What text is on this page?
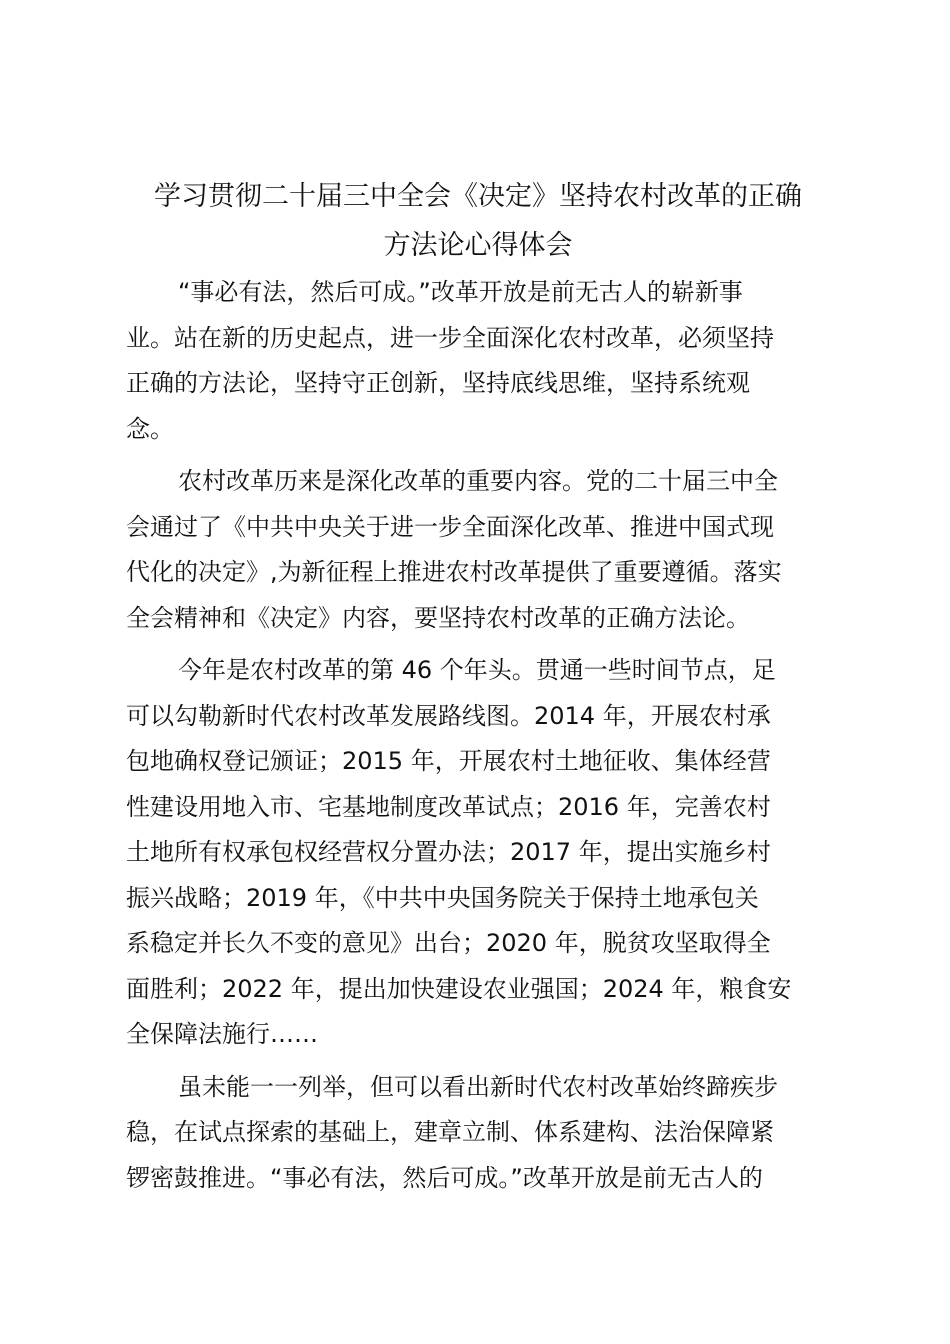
学习贯彻二十届三中全会《决定》坚持农村改革的正确
方法论心得体会

“事必有法，然后可成。”改革开放是前无古人的崭新事
业。站在新的历史起点，进一步全面深化农村改革，必须坚持
正确的方法论，坚持守正创新，坚持底线思维，坚持系统观
念。

农村改革历来是深化改革的重要内容。党的二十届三中全
会通过了《中共中央关于进一步全面深化改革、推进中国式现
代化的决定》,为新征程上推进农村改革提供了重要遵循。落实
全会精神和《决定》内容，要坚持农村改革的正确方法论。

今年是农村改革的第 46 个年头。贯通一些时间节点，足
可以勾勒新时代农村改革发展路线图。2014 年，开展农村承
包地确权登记颁证；2015 年，开展农村土地征收、集体经营
性建设用地入市、宅基地制度改革试点；2016 年，完善农村
土地所有权承包权经营权分置办法；2017 年，提出实施乡村
振兴战略；2019 年，《中共中央国务院关于保持土地承包关
系稳定并长久不变的意见》出台；2020 年，脱贫攻坚取得全
面胜利；2022 年，提出加快建设农业强国；2024 年，粮食安
全保障法施行……

虽未能一一列举，但可以看出新时代农村改革始终蹄疾步
稳，在试点探索的基础上，建章立制、体系建构、法治保障紧
锣密鼓推进。“事必有法，然后可成。”改革开放是前无古人的
